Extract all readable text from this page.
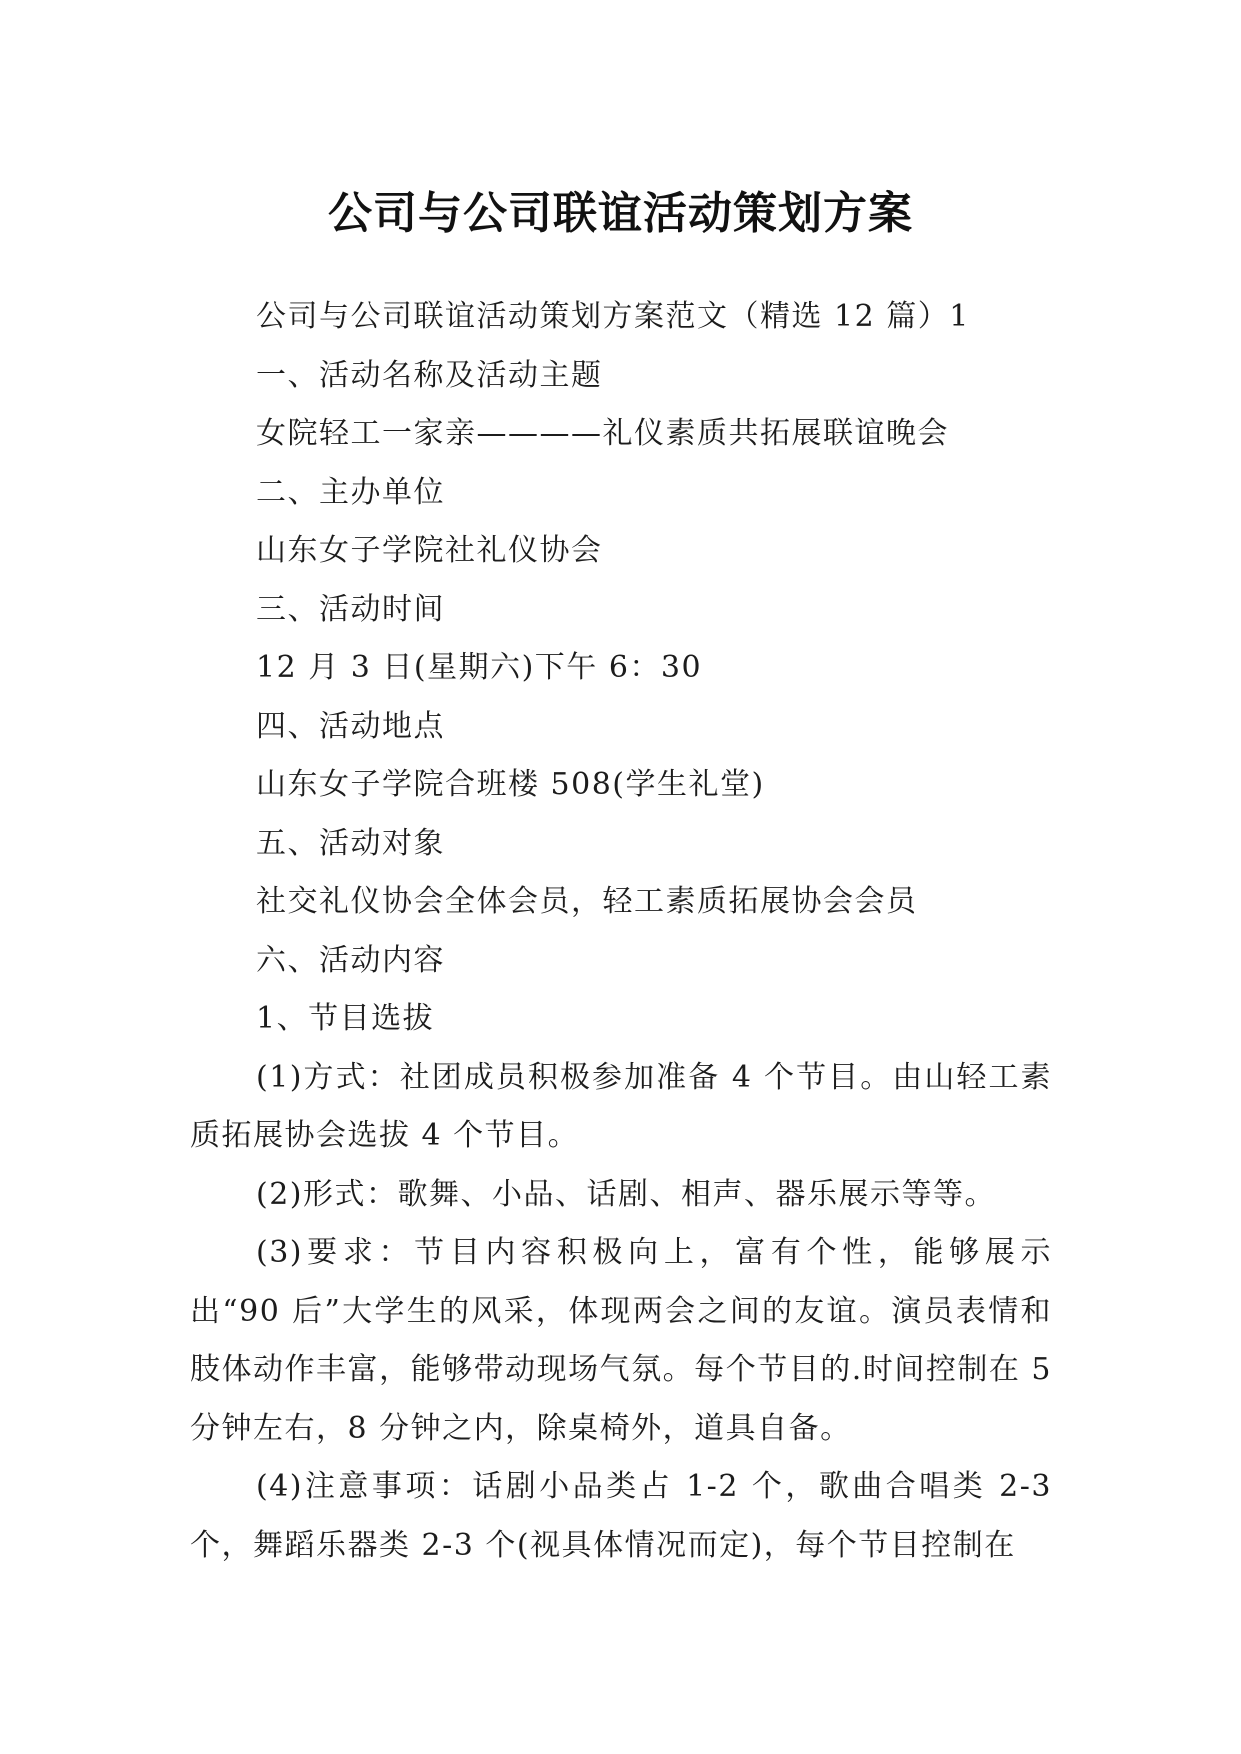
公司与公司联谊活动策划方案

公司与公司联谊活动策划方案范文（精选 12 篇）1

一、活动名称及活动主题

女院轻工一家亲————礼仪素质共拓展联谊晚会

二、主办单位

山东女子学院社礼仪协会

三、活动时间

12 月 3 日(星期六)下午 6：30

四、活动地点

山东女子学院合班楼 508(学生礼堂)

五、活动对象

社交礼仪协会全体会员，轻工素质拓展协会会员

六、活动内容

1、节目选拔

(1)方式：社团成员积极参加准备 4 个节目。由山轻工素质拓展协会选拔 4 个节目。

(2)形式：歌舞、小品、话剧、相声、器乐展示等等。

(3)要求：节目内容积极向上，富有个性，能够展示出“90 后”大学生的风采，体现两会之间的友谊。演员表情和肢体动作丰富，能够带动现场气氛。每个节目的.时间控制在 5 分钟左右，8 分钟之内，除桌椅外，道具自备。

(4)注意事项：话剧小品类占 1-2 个，歌曲合唱类 2-3 个，舞蹈乐器类 2-3 个(视具体情况而定)，每个节目控制在
